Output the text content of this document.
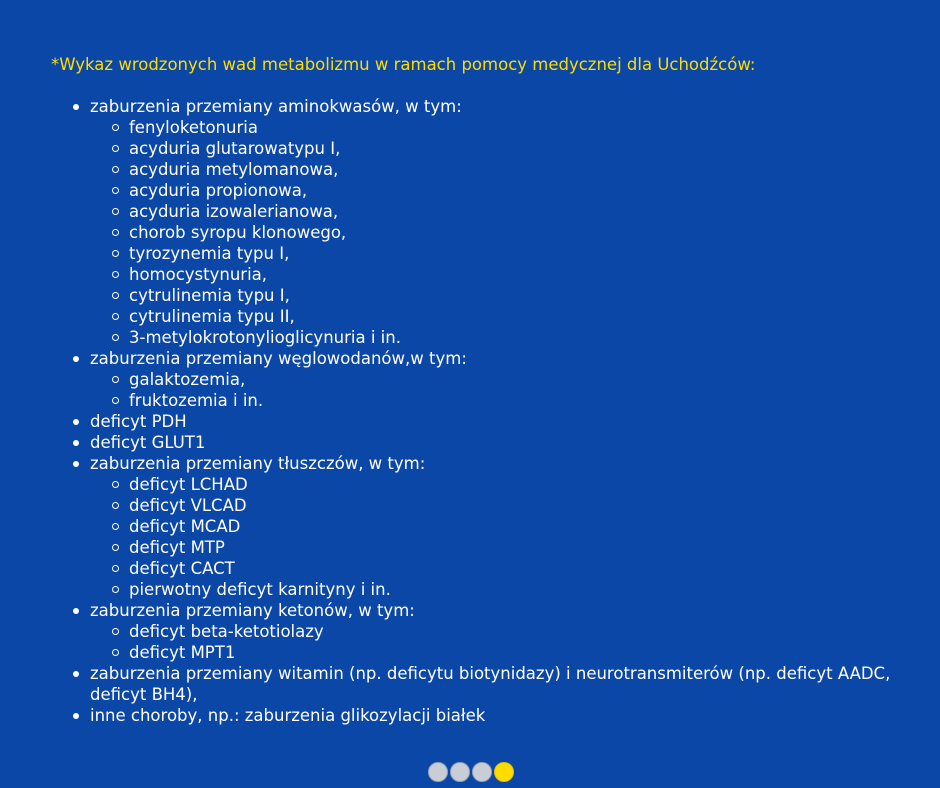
*Wykaz wrodzonych wad metabolizmu w ramach pomocy medycznej dla Uchodźców:

zaburzenia przemiany aminokwasów, w tym:
fenyloketonuria
acyduria glutarowatypu I,
acyduria metylomanowa,
acyduria propionowa,
acyduria izowalerianowa,
chorob syropu klonowego,
tyrozynemia typu I,
homocystynuria,
cytrulinemia typu I,
cytrulinemia typu II,
3-metylokrotonylioglicynuria i in.
zaburzenia przemiany węglowodanów,w tym:
galaktozemia,
fruktozemia i in.
deficyt PDH
deficyt GLUT1
zaburzenia przemiany tłuszczów, w tym:
deficyt LCHAD
deficyt VLCAD
deficyt MCAD
deficyt MTP
deficyt CACT
pierwotny deficyt karnityny i in.
zaburzenia przemiany ketonów, w tym:
deficyt beta-ketotiolazy
deficyt MPT1
zaburzenia przemiany witamin (np. deficytu biotynidazy) i neurotransmiterów (np. deficyt AADC, deficyt BH4),
inne choroby, np.: zaburzenia glikozylacji białek
